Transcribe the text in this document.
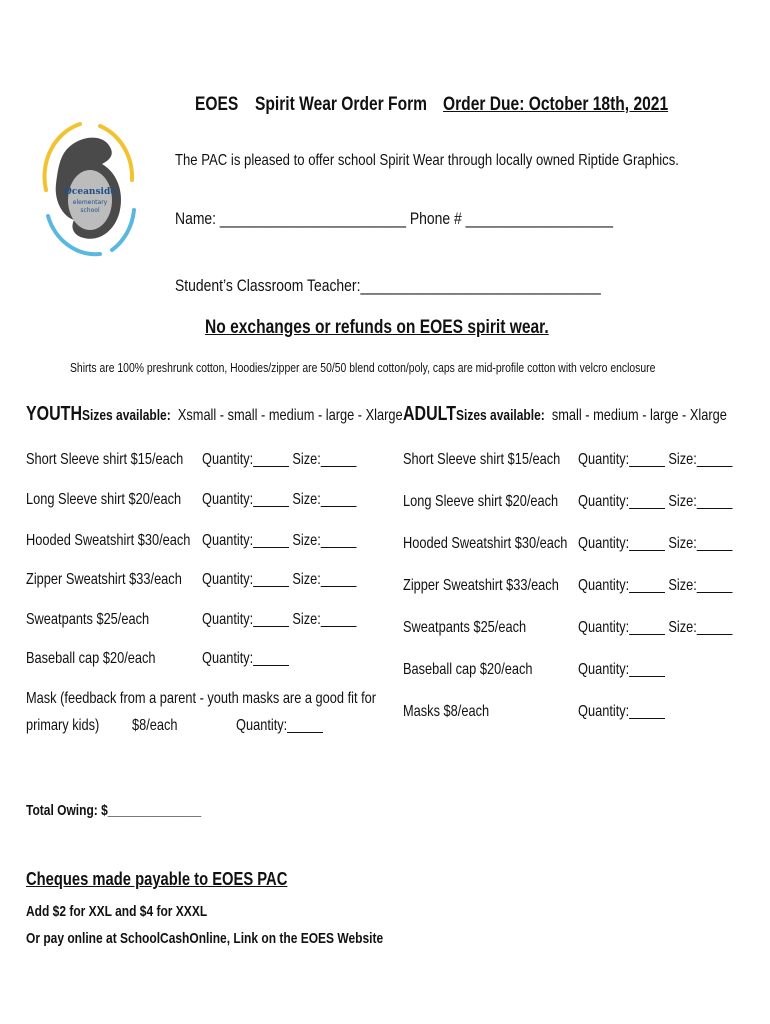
Oceanside
elementary
school
EOES Spirit Wear Order Form Order Due: October 18th, 2021
The PAC is pleased to offer school Spirit Wear through locally owned Riptide Graphics.
Name: ________________________ Phone # ___________________
Student’s Classroom Teacher:_______________________________
No exchanges or refunds on EOES spirit wear.
Shirts are 100% preshrunk cotton, Hoodies/zipper are 50/50 blend cotton/poly, caps are mid-profile cotton with velcro enclosure
YOUTHSizes available: Xsmall - small - medium - large - Xlarge
Short Sleeve shirt $15/each Quantity:_____ Size:_____
Long Sleeve shirt $20/each Quantity:_____ Size:_____
Hooded Sweatshirt $30/each Quantity:_____ Size:_____
Zipper Sweatshirt $33/each Quantity:_____ Size:_____
Sweatpants $25/each	Quantity:_____ Size:_____
Baseball cap $20/each	Quantity:_____
Mask (feedback from a parent - youth masks are a good fit for
primary kids) $8/each	Quantity:_____
ADULTSizes available: small - medium - large - Xlarge
Short Sleeve shirt $15/each Quantity:_____ Size:_____
Long Sleeve shirt $20/each Quantity:_____ Size:_____
Hooded Sweatshirt $30/each Quantity:_____ Size:_____
Zipper Sweatshirt $33/each Quantity:_____ Size:_____
Sweatpants $25/each	Quantity:_____ Size:_____
Baseball cap $20/each	Quantity:_____
Masks $8/each	Quantity:_____
Total Owing: $______________
Cheques made payable to EOES PAC
Add $2 for XXL and $4 for XXXL
Or pay online at SchoolCashOnline, Link on the EOES Website
